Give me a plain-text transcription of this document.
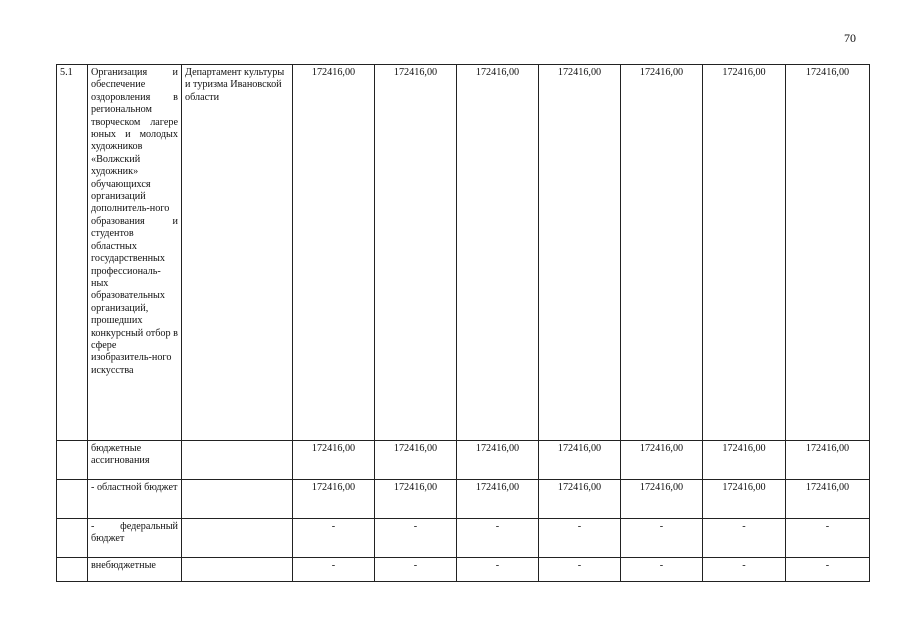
70
5.1	Организация и обеспечение оздоровления в региональном творческом лагере юных и молодых художников «Волжский художник» обучающихся организаций дополнитель-ного образования и студентов областных государственных профессиональ-ных образовательных организаций, прошедших конкурсный отбор в сфере изобразитель-ного искусства	Департамент культуры и туризма Ивановской области	172416,00	172416,00	172416,00	172416,00	172416,00	172416,00	172416,00
	бюджетные ассигнования		172416,00	172416,00	172416,00	172416,00	172416,00	172416,00	172416,00
	- областной бюджет		172416,00	172416,00	172416,00	172416,00	172416,00	172416,00	172416,00
	- федеральный бюджет		-	-	-	-	-	-	-
	внебюджетные		-	-	-	-	-	-	-
